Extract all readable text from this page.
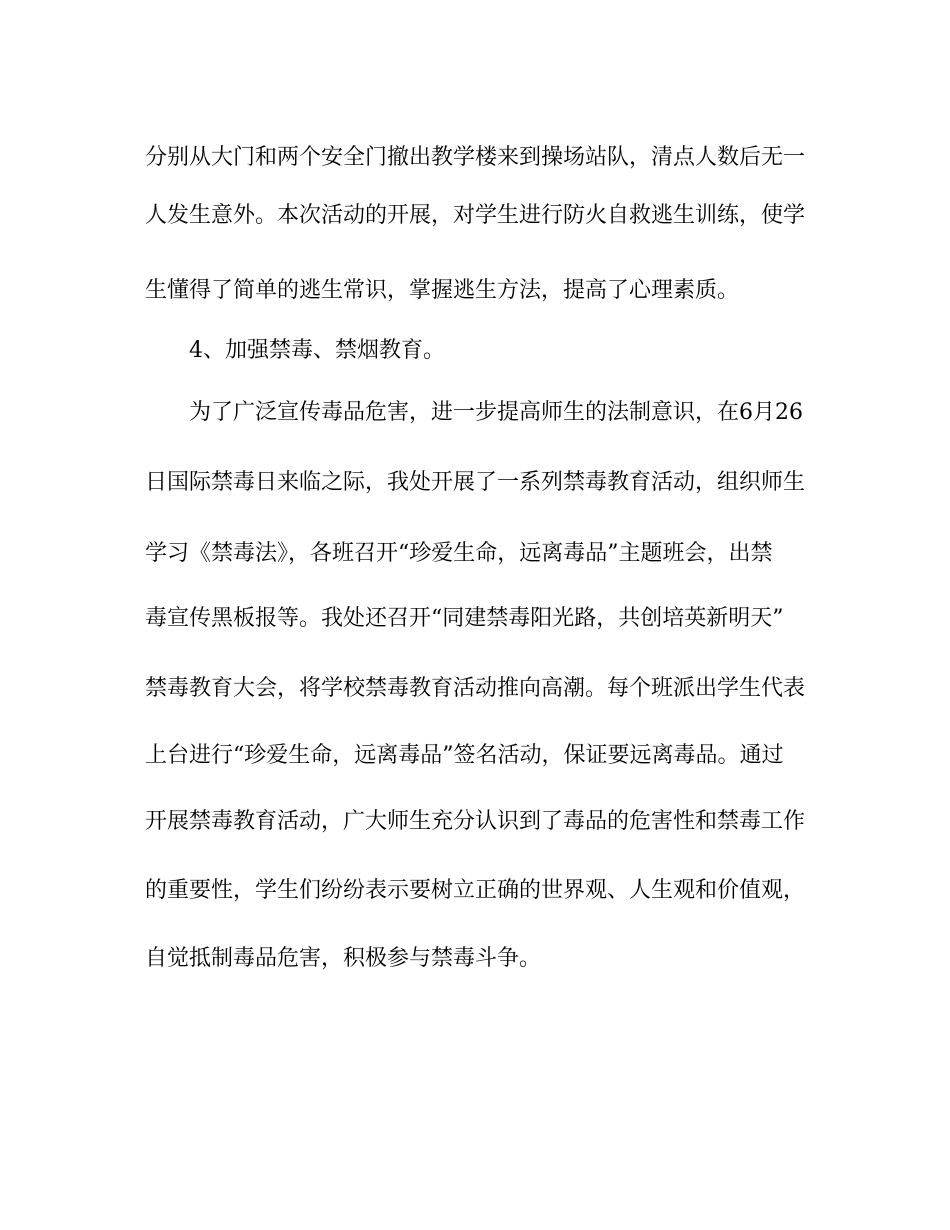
分别从大门和两个安全门撤出教学楼来到操场站队，清点人数后无一
人发生意外。本次活动的开展，对学生进行防火自救逃生训练，使学
生懂得了简单的逃生常识，掌握逃生方法，提高了心理素质。
4、加强禁毒、禁烟教育。
为了广泛宣传毒品危害，进一步提高师生的法制意识，在6月26
日国际禁毒日来临之际，我处开展了一系列禁毒教育活动，组织师生
学习《禁毒法》，各班召开“珍爱生命，远离毒品”主题班会，出禁
毒宣传黑板报等。我处还召开“同建禁毒阳光路，共创培英新明天”
禁毒教育大会，将学校禁毒教育活动推向高潮。每个班派出学生代表
上台进行“珍爱生命，远离毒品”签名活动，保证要远离毒品。通过
开展禁毒教育活动，广大师生充分认识到了毒品的危害性和禁毒工作
的重要性，学生们纷纷表示要树立正确的世界观、人生观和价值观，
自觉抵制毒品危害，积极参与禁毒斗争。
